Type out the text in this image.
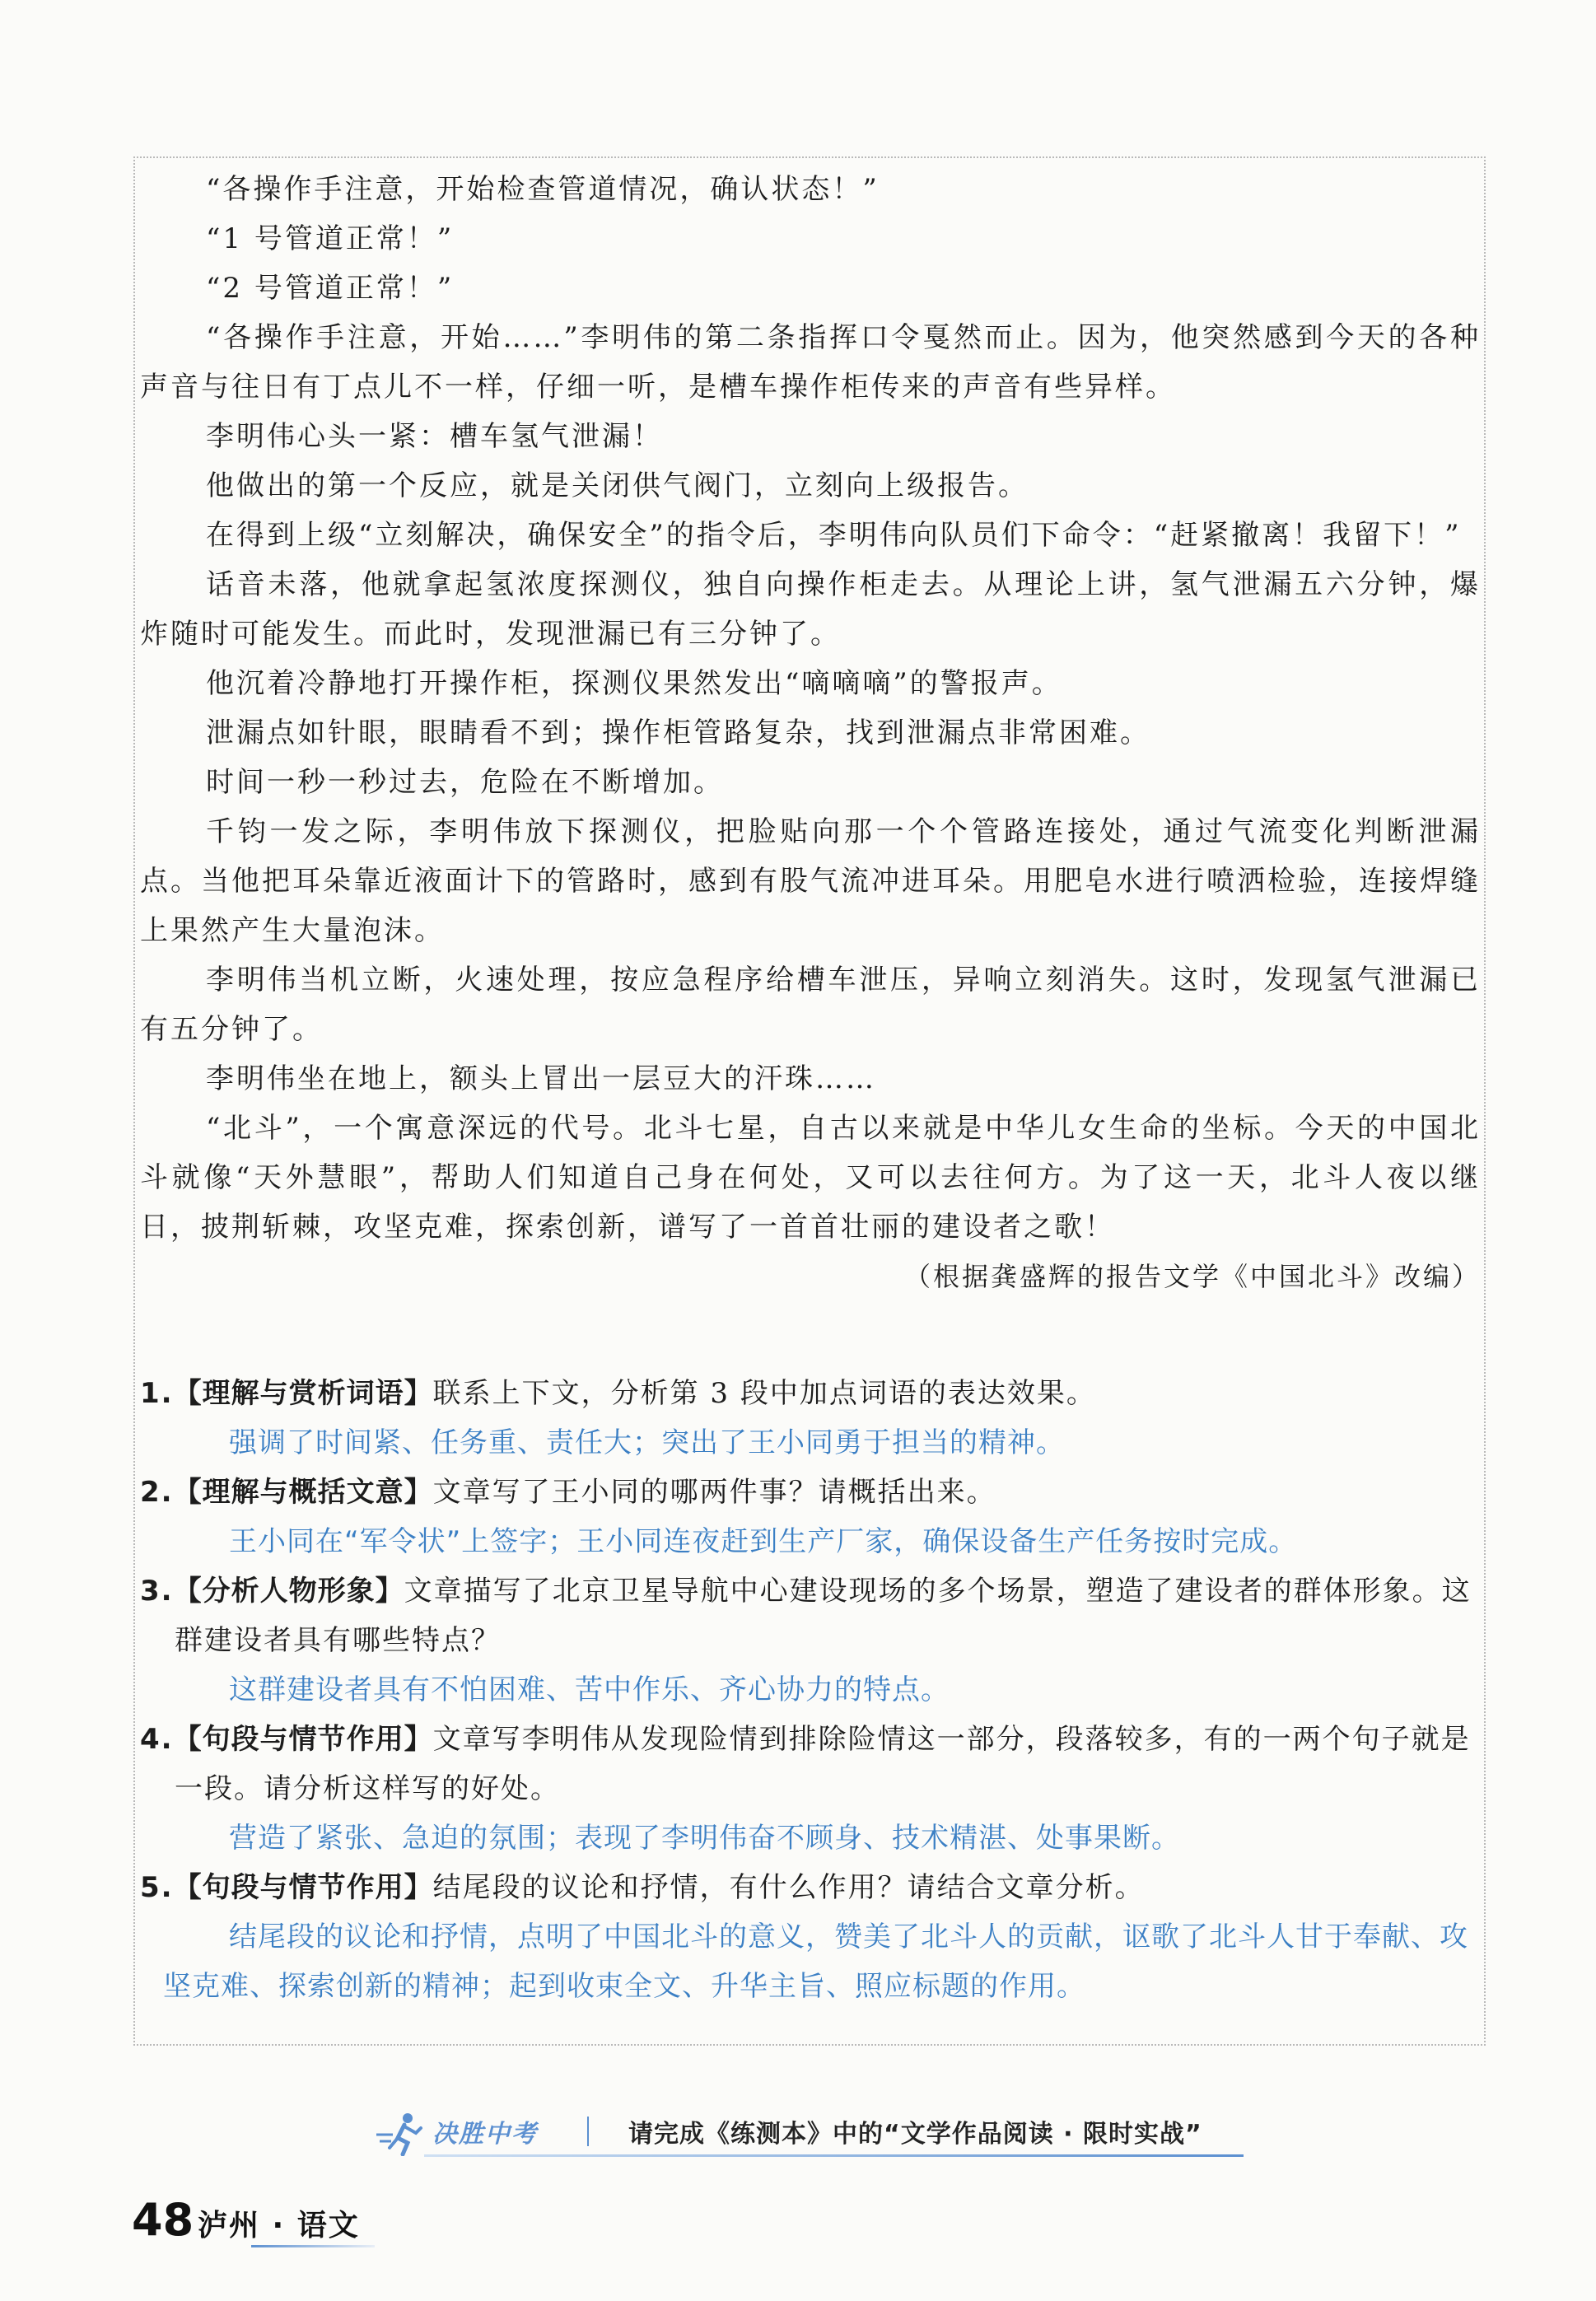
“各操作手注意，开始检查管道情况，确认状态！”

“1 号管道正常！”

“2 号管道正常！”

“各操作手注意，开始……”李明伟的第二条指挥口令戛然而止。因为，他突然感到今天的各种声音与往日有丁点儿不一样，仔细一听，是槽车操作柜传来的声音有些异样。

李明伟心头一紧：槽车氢气泄漏！

他做出的第一个反应，就是关闭供气阀门，立刻向上级报告。

在得到上级“立刻解决，确保安全”的指令后，李明伟向队员们下命令：“赶紧撤离！我留下！”

话音未落，他就拿起氢浓度探测仪，独自向操作柜走去。从理论上讲，氢气泄漏五六分钟，爆炸随时可能发生。而此时，发现泄漏已有三分钟了。

他沉着冷静地打开操作柜，探测仪果然发出“嘀嘀嘀”的警报声。

泄漏点如针眼，眼睛看不到；操作柜管路复杂，找到泄漏点非常困难。

时间一秒一秒过去，危险在不断增加。

千钧一发之际，李明伟放下探测仪，把脸贴向那一个个管路连接处，通过气流变化判断泄漏点。当他把耳朵靠近液面计下的管路时，感到有股气流冲进耳朵。用肥皂水进行喷洒检验，连接焊缝上果然产生大量泡沫。

李明伟当机立断，火速处理，按应急程序给槽车泄压，异响立刻消失。这时，发现氢气泄漏已有五分钟了。

李明伟坐在地上，额头上冒出一层豆大的汗珠……

“北斗”，一个寓意深远的代号。北斗七星，自古以来就是中华儿女生命的坐标。今天的中国北斗就像“天外慧眼”，帮助人们知道自己身在何处，又可以去往何方。为了这一天，北斗人夜以继日，披荆斩棘，攻坚克难，探索创新，谱写了一首首壮丽的建设者之歌！

（根据龚盛辉的报告文学《中国北斗》改编）

1.【理解与赏析词语】联系上下文，分析第 3 段中加点词语的表达效果。

强调了时间紧、任务重、责任大；突出了王小同勇于担当的精神。

2.【理解与概括文意】文章写了王小同的哪两件事？请概括出来。

王小同在“军令状”上签字；王小同连夜赶到生产厂家，确保设备生产任务按时完成。

3.【分析人物形象】文章描写了北京卫星导航中心建设现场的多个场景，塑造了建设者的群体形象。这群建设者具有哪些特点？

这群建设者具有不怕困难、苦中作乐、齐心协力的特点。

4.【句段与情节作用】文章写李明伟从发现险情到排除险情这一部分，段落较多，有的一两个句子就是一段。请分析这样写的好处。

营造了紧张、急迫的氛围；表现了李明伟奋不顾身、技术精湛、处事果断。

5.【句段与情节作用】结尾段的议论和抒情，有什么作用？请结合文章分析。

结尾段的议论和抒情，点明了中国北斗的意义，赞美了北斗人的贡献，讴歌了北斗人甘于奉献、攻坚克难、探索创新的精神；起到收束全文、升华主旨、照应标题的作用。

决胜中考	请完成《练测本》中的“文学作品阅读 · 限时实战”
48 泸州 · 语文
